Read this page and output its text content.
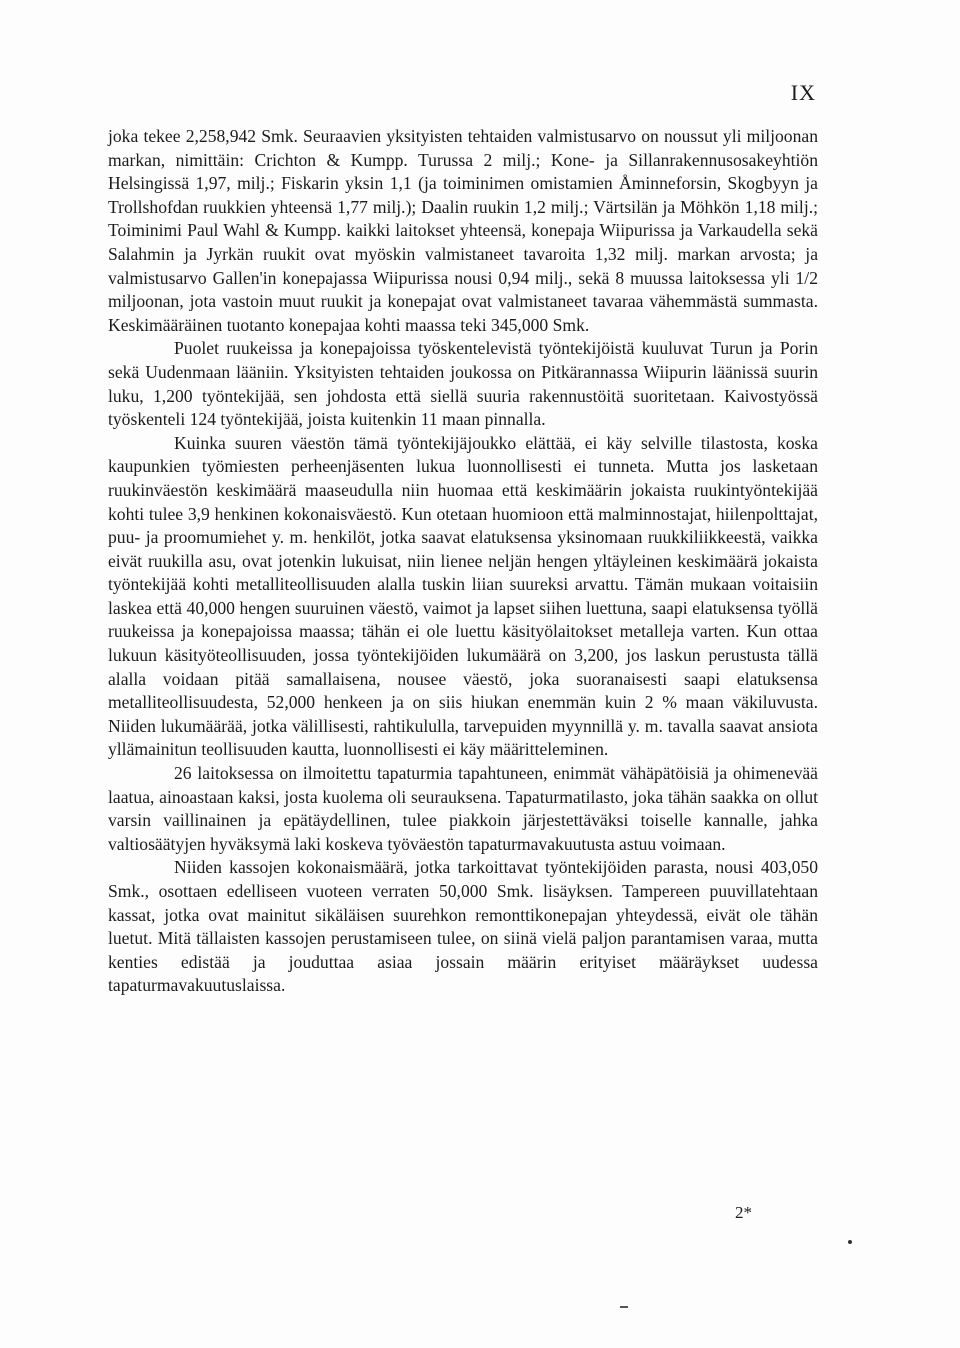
IX

joka tekee 2,258,942 Smk. Seuraavien yksityisten tehtaiden valmistusarvo on noussut yli miljoonan markan, nimittäin: Crichton & Kumpp. Turussa 2 milj.; Kone- ja Sillanrakennusosakeyhtiön Helsingissä 1,97, milj.; Fiskarin yksin 1,1 (ja toiminimen omistamien Åminneforsin, Skogbyyn ja Trollshofdan ruukkien yhteensä 1,77 milj.); Daalin ruukin 1,2 milj.; Värtsilän ja Möhkön 1,18 milj.; Toiminimi Paul Wahl & Kumpp. kaikki laitokset yhteensä, konepaja Wiipurissa ja Varkaudella sekä Salahmin ja Jyrkän ruukit ovat myöskin valmistaneet tavaroita 1,32 milj. markan arvosta; ja valmistusarvo Gallen'in konepajassa Wiipurissa nousi 0,94 milj., sekä 8 muussa laitoksessa yli 1/2 miljoonan, jota vastoin muut ruukit ja konepajat ovat valmistaneet tavaraa vähemmästä summasta. Keskimääräinen tuotanto konepajaa kohti maassa teki 345,000 Smk.

Puolet ruukeissa ja konepajoissa työskentelevistä työntekijöistä kuuluvat Turun ja Porin sekä Uudenmaan lääniin. Yksityisten tehtaiden joukossa on Pitkärannassa Wiipurin läänissä suurin luku, 1,200 työntekijää, sen johdosta että siellä suuria rakennustöitä suoritetaan. Kaivostyössä työskenteli 124 työntekijää, joista kuitenkin 11 maan pinnalla.

Kuinka suuren väestön tämä työntekijäjoukko elättää, ei käy selville tilastosta, koska kaupunkien työmiesten perheenjäsenten lukua luonnollisesti ei tunneta. Mutta jos lasketaan ruukinväestön keskimäärä maaseudulla niin huomaa että keskimäärin jokaista ruukintyöntekijää kohti tulee 3,9 henkinen kokonaisväestö. Kun otetaan huomioon että malminnostajat, hiilenpolttajat, puu- ja proomumiehet y. m. henkilöt, jotka saavat elatuksensa yksinomaan ruukkiliikkeestä, vaikka eivät ruukilla asu, ovat jotenkin lukuisat, niin lienee neljän hengen yltäyleinen keskimäärä jokaista työntekijää kohti metalliteollisuuden alalla tuskin liian suureksi arvattu. Tämän mukaan voitaisiin laskea että 40,000 hengen suuruinen väestö, vaimot ja lapset siihen luettuna, saapi elatuksensa työllä ruukeissa ja konepajoissa maassa; tähän ei ole luettu käsityölaitokset metalleja varten. Kun ottaa lukuun käsityöteollisuuden, jossa työntekijöiden lukumäärä on 3,200, jos laskun perustusta tällä alalla voidaan pitää samallaisena, nousee väestö, joka suoranaisesti saapi elatuksensa metalliteollisuudesta, 52,000 henkeen ja on siis hiukan enemmän kuin 2 % maan väkiluvusta. Niiden lukumäärää, jotka välillisesti, rahtikululla, tarvepuiden myynnillä y. m. tavalla saavat ansiota yllämainitun teollisuuden kautta, luonnollisesti ei käy määritteleminen.

26 laitoksessa on ilmoitettu tapaturmia tapahtuneen, enimmät vähäpätöisiä ja ohimenevää laatua, ainoastaan kaksi, josta kuolema oli seurauksena. Tapaturmatilasto, joka tähän saakka on ollut varsin vaillinainen ja epätäydellinen, tulee piakkoin järjestettäväksi toiselle kannalle, jahka valtiosäätyjen hyväksymä laki koskeva työväestön tapaturmavakuutusta astuu voimaan.

Niiden kassojen kokonaismäärä, jotka tarkoittavat työntekijöiden parasta, nousi 403,050 Smk., osottaen edelliseen vuoteen verraten 50,000 Smk. lisäyksen. Tampereen puuvillatehtaan kassat, jotka ovat mainitut sikäläisen suurehkon remonttikonepajan yhteydessä, eivät ole tähän luetut. Mitä tällaisten kassojen perustamiseen tulee, on siinä vielä paljon parantamisen varaa, mutta kenties edistää ja jouduttaa asiaa jossain määrin erityiset määräykset uudessa tapaturmavakuutuslaissa.

2*
